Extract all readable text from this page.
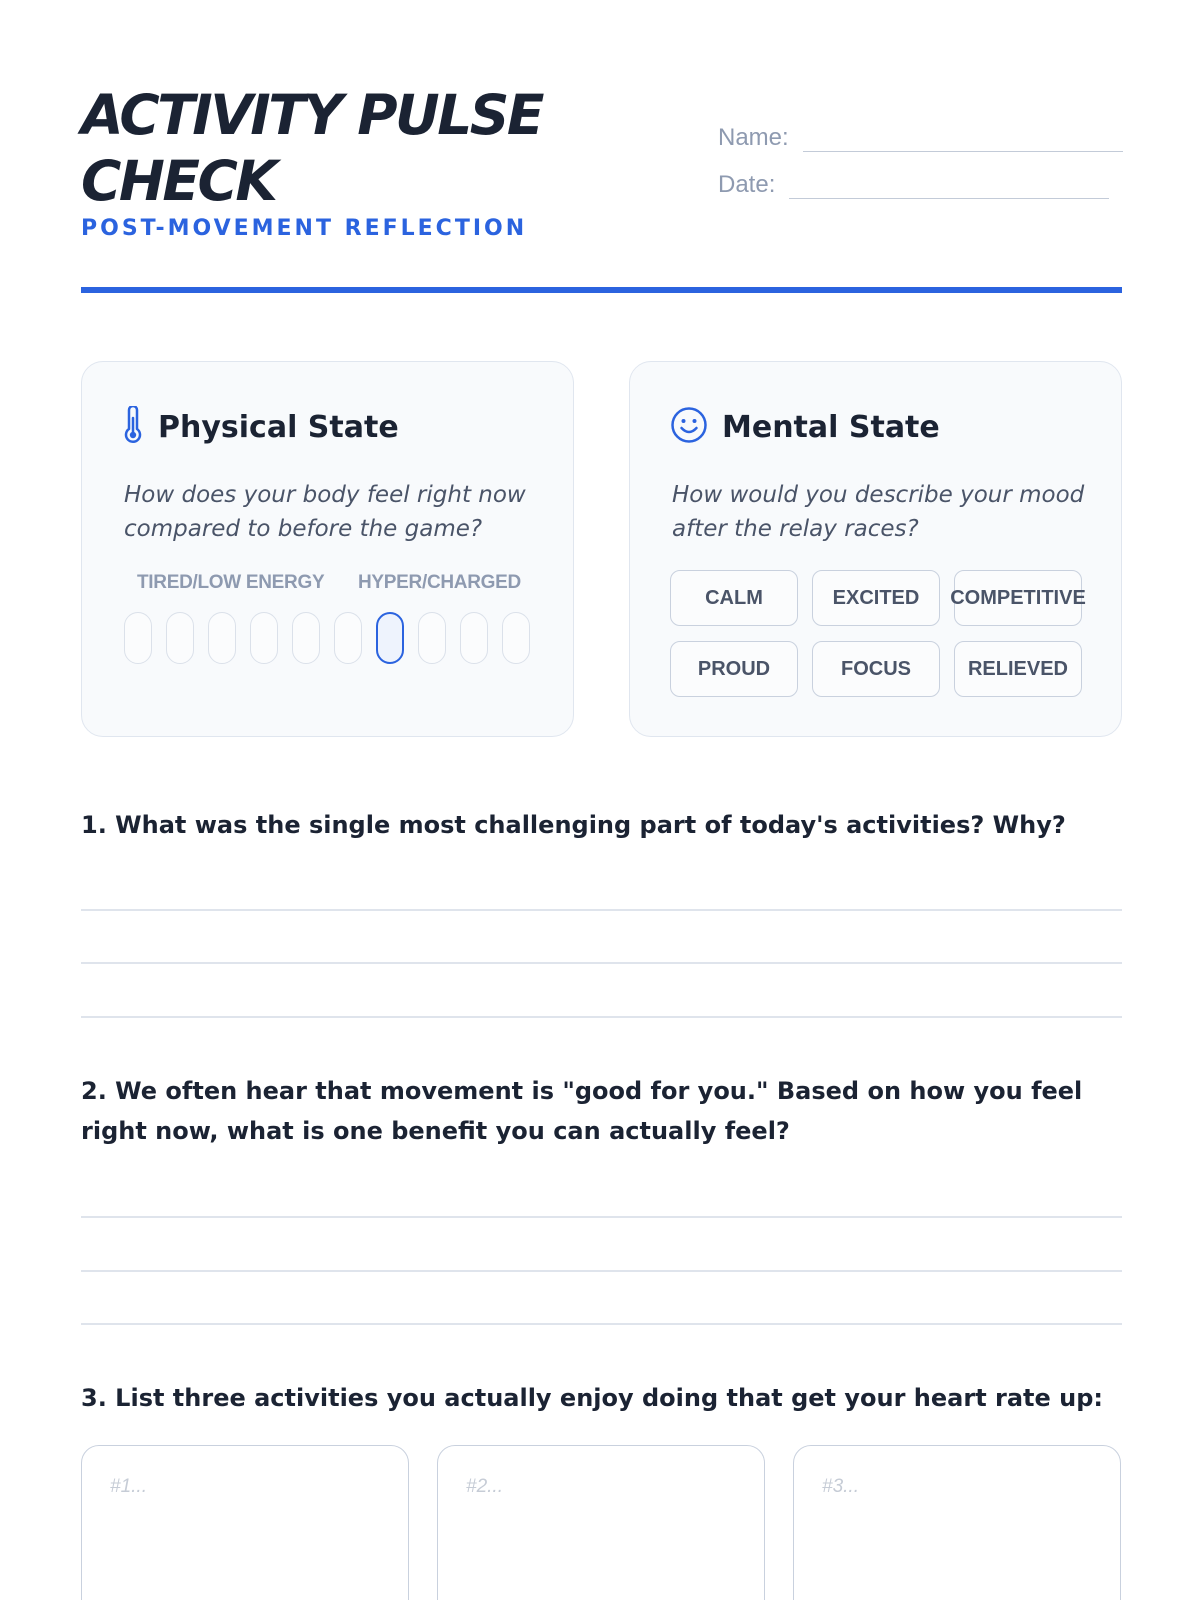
ACTIVITY PULSE CHECK
POST-MOVEMENT REFLECTION
Name:
Date:
Physical State
How does your body feel right now compared to before the game?
TIRED/LOW ENERGY HYPER/CHARGED
Mental State
How would you describe your mood after the relay races?
CALM	EXCITED	COMPETITIVE
PROUD	FOCUS	RELIEVED
1. What was the single most challenging part of today's activities? Why?
2. We often hear that movement is "good for you." Based on how you feel right now, what is one benefit you can actually feel?
3. List three activities you actually enjoy doing that get your heart rate up:
#1...	#2...	#3...
